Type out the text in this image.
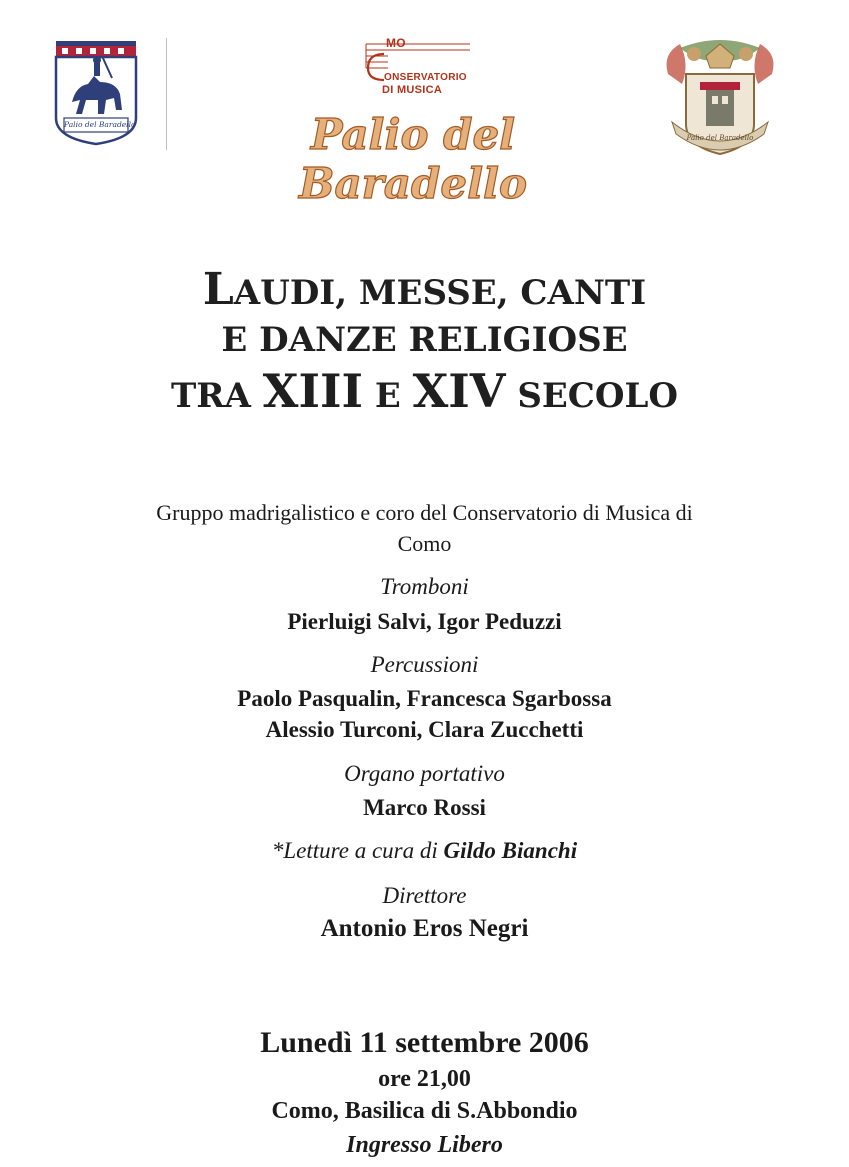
Palio del Baradello
MO
ONSERVATORIO
DI MUSICA
Palio del Baradello
Palio del Baradello
LAUDI, MESSE, CANTI
E DANZE RELIGIOSE
TRA XIII E XIV SECOLO
Gruppo madrigalistico e coro del Conservatorio di Musica di
Como
Tromboni
Pierluigi Salvi, Igor Peduzzi
Percussioni
Paolo Pasqualin, Francesca Sgarbossa
Alessio Turconi, Clara Zucchetti
Organo portativo
Marco Rossi
*Letture a cura di Gildo Bianchi
Direttore
Antonio Eros Negri
Lunedì 11 settembre 2006
ore 21,00
Como, Basilica di S.Abbondio
Ingresso Libero
